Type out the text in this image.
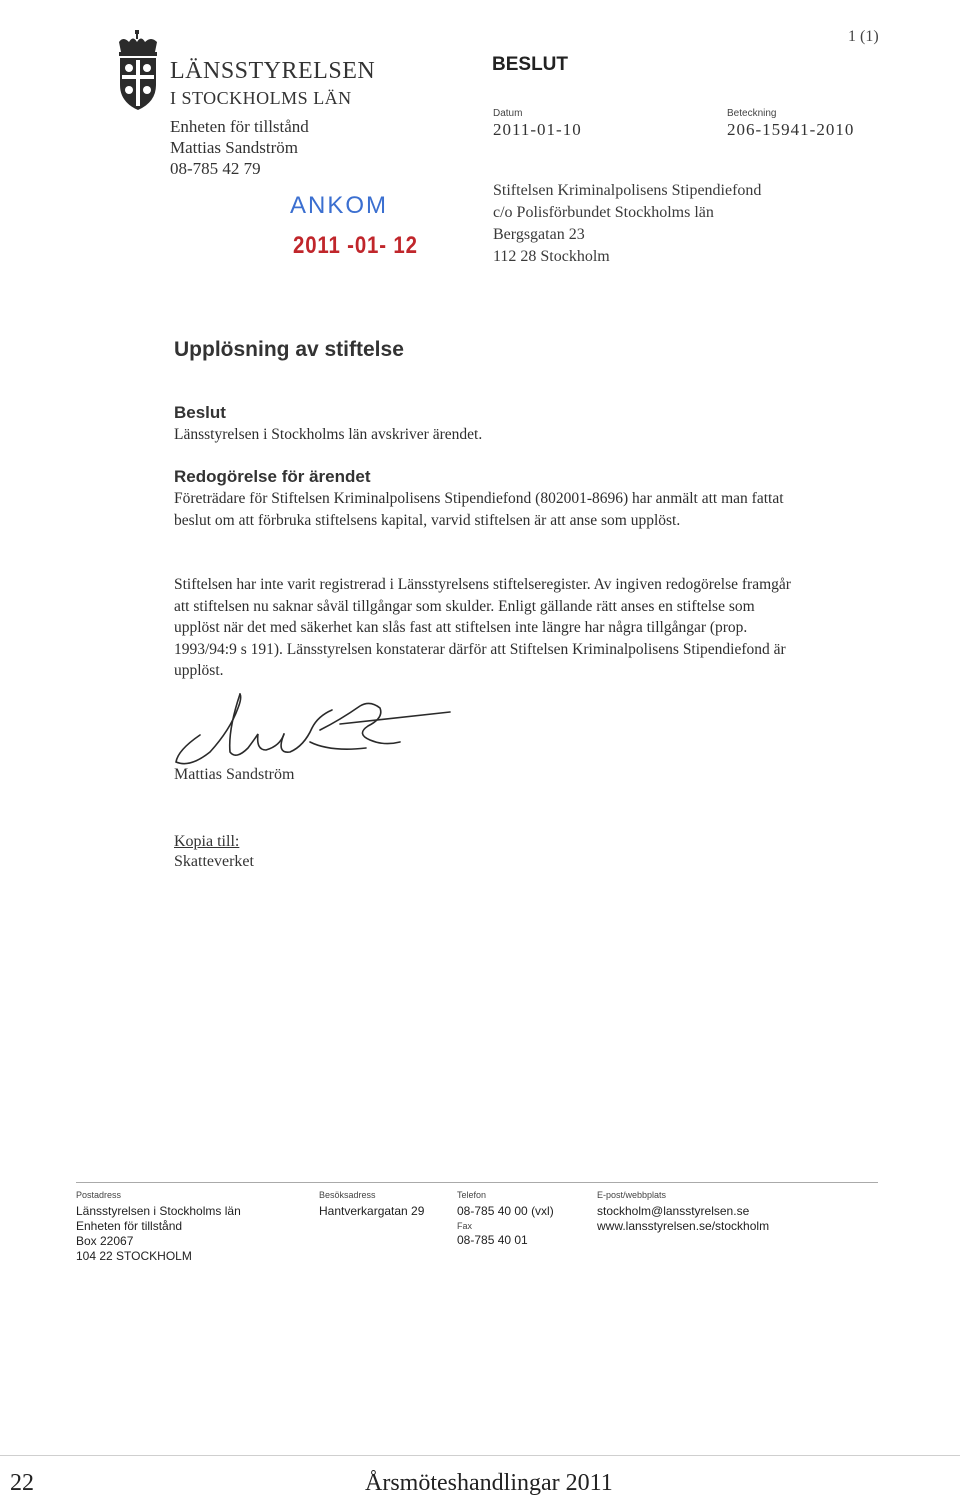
LÄNSSTYRELSEN
I STOCKHOLMS LÄN
Enheten för tillstånd
Mattias Sandström
08-785 42 79
1 (1)
BESLUT
Datum
2011-01-10
Beteckning
206-15941-2010
ANKOM
2011 -01- 12
Stiftelsen Kriminalpolisens Stipendiefond
c/o Polisförbundet Stockholms län
Bergsgatan 23
112 28 Stockholm
Upplösning av stiftelse
Beslut
Länsstyrelsen i Stockholms län avskriver ärendet.
Redogörelse för ärendet
Företrädare för Stiftelsen Kriminalpolisens Stipendiefond (802001-8696) har anmält att man fattat beslut om att förbruka stiftelsens kapital, varvid stiftelsen är att anse som upplöst.
Stiftelsen har inte varit registrerad i Länsstyrelsens stiftelseregister. Av ingiven redogörelse framgår att stiftelsen nu saknar såväl tillgångar som skulder. Enligt gällande rätt anses en stiftelse som upplöst när det med säkerhet kan slås fast att stiftelsen inte längre har några tillgångar (prop. 1993/94:9 s 191). Länsstyrelsen konstaterar därför att Stiftelsen Kriminalpolisens Stipendiefond är upplöst.
Mattias Sandström
Kopia till:
Skatteverket
Postadress
Länsstyrelsen i Stockholms län
Enheten för tillstånd
Box 22067
104 22 STOCKHOLM
Besöksadress
Hantverkargatan 29
Telefon
08-785 40 00 (vxl)
Fax
08-785 40 01
E-post/webbplats
stockholm@lansstyrelsen.se
www.lansstyrelsen.se/stockholm
22	Årsmöteshandlingar 2011
